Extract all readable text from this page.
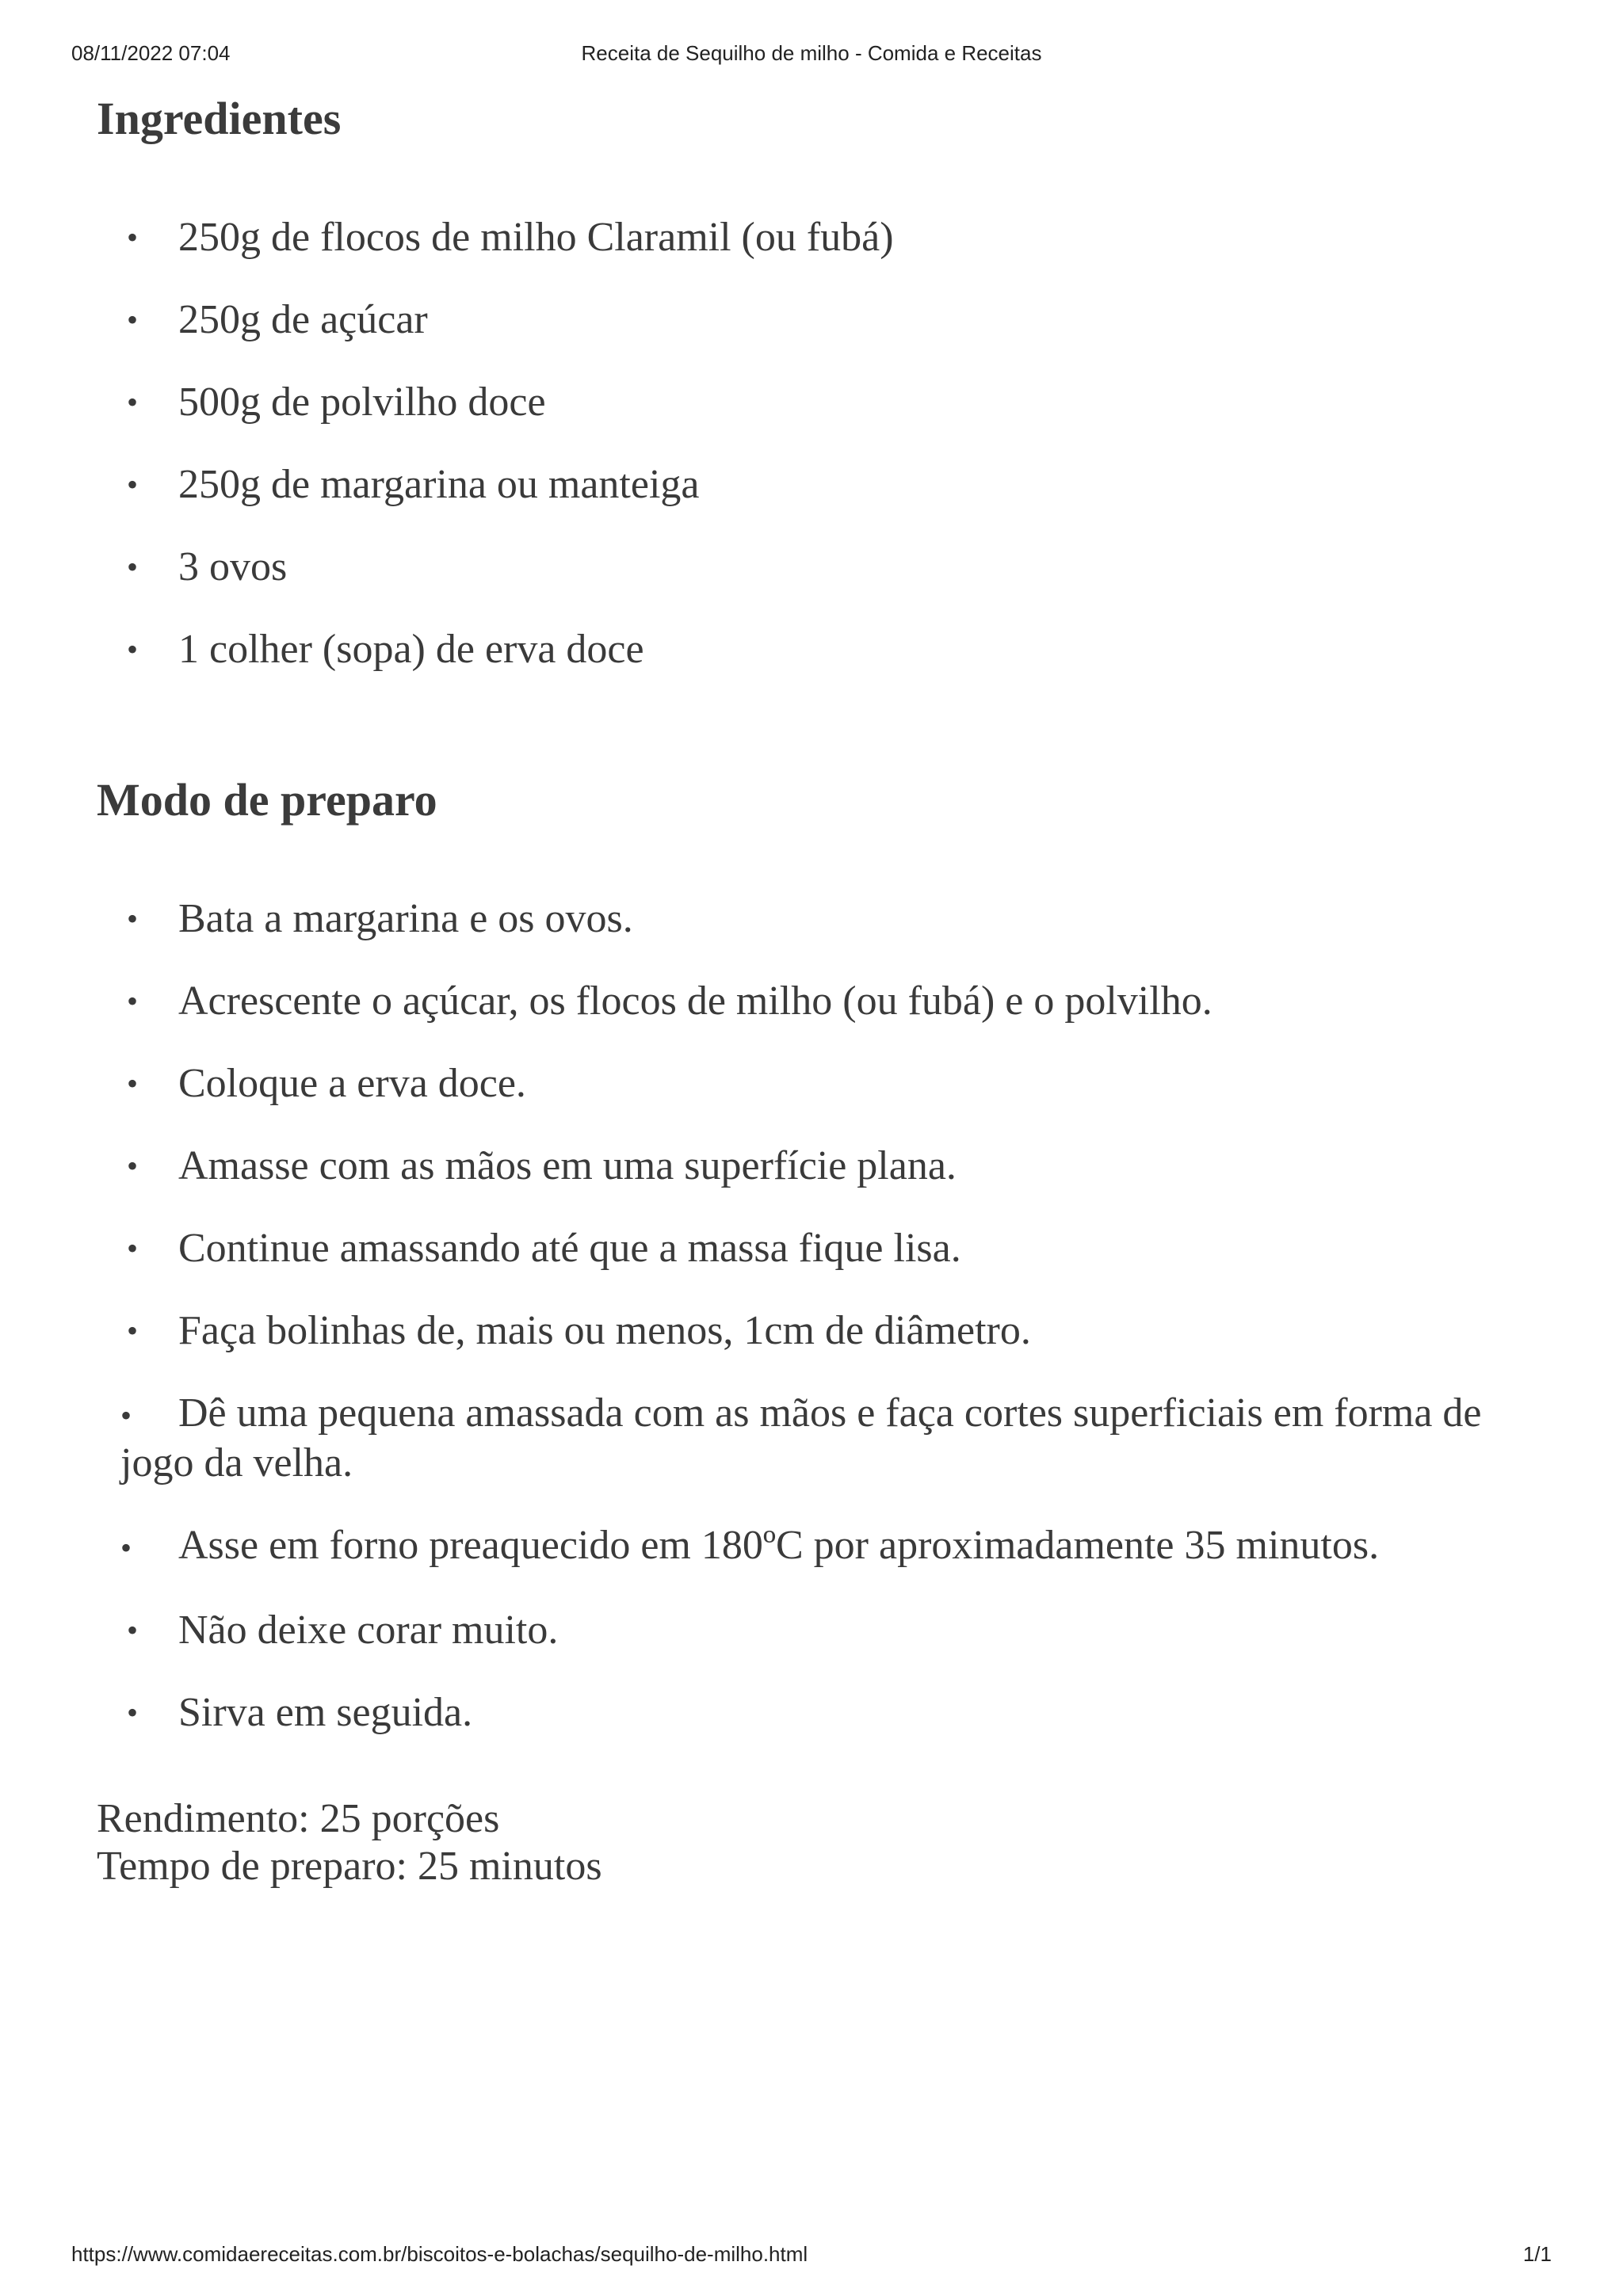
08/11/2022 07:04	Receita de Sequilho de milho - Comida e Receitas
Ingredientes
• 250g de flocos de milho Claramil (ou fubá)
• 250g de açúcar
• 500g de polvilho doce
• 250g de margarina ou manteiga
• 3 ovos
• 1 colher (sopa) de erva doce
Modo de preparo
• Bata a margarina e os ovos.
• Acrescente o açúcar, os flocos de milho (ou fubá) e o polvilho.
• Coloque a erva doce.
• Amasse com as mãos em uma superfície plana.
• Continue amassando até que a massa fique lisa.
• Faça bolinhas de, mais ou menos, 1cm de diâmetro.
• Dê uma pequena amassada com as mãos e faça cortes superficiais em forma de jogo da velha.
• Asse em forno preaquecido em 180ºC por aproximadamente 35 minutos.
• Não deixe corar muito.
• Sirva em seguida.
Rendimento: 25 porções
Tempo de preparo: 25 minutos
https://www.comidaereceitas.com.br/biscoitos-e-bolachas/sequilho-de-milho.html	1/1
